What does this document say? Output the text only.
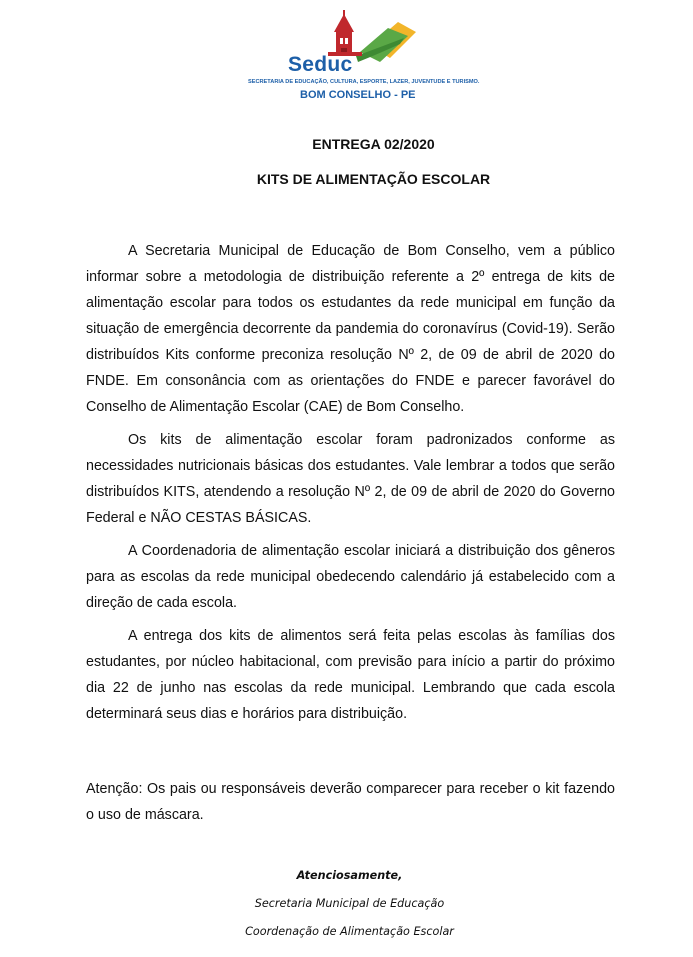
Seduc
SECRETARIA DE EDUCAÇÃO, CULTURA, ESPORTE, LAZER, JUVENTUDE E TURISMO.
BOM CONSELHO - PE
ENTREGA 02/2020
KITS DE ALIMENTAÇÃO ESCOLAR

A Secretaria Municipal de Educação de Bom Conselho, vem a público informar sobre a metodologia de distribuição referente a 2º entrega de kits de alimentação escolar para todos os estudantes da rede municipal em função da situação de emergência decorrente da pandemia do coronavírus (Covid-19). Serão distribuídos Kits conforme preconiza resolução Nº 2, de 09 de abril de 2020 do FNDE. Em consonância com as orientações do FNDE e parecer favorável do Conselho de Alimentação Escolar (CAE) de Bom Conselho.

Os kits de alimentação escolar foram padronizados conforme as necessidades nutricionais básicas dos estudantes. Vale lembrar a todos que serão distribuídos KITS, atendendo a resolução Nº 2, de 09 de abril de 2020 do Governo Federal e NÃO CESTAS BÁSICAS.

A Coordenadoria de alimentação escolar iniciará a distribuição dos gêneros para as escolas da rede municipal obedecendo calendário já estabelecido com a direção de cada escola.

A entrega dos kits de alimentos será feita pelas escolas às famílias dos estudantes, por núcleo habitacional, com previsão para início a partir do próximo dia 22 de junho nas escolas da rede municipal. Lembrando que cada escola determinará seus dias e horários para distribuição.

Atenção: Os pais ou responsáveis deverão comparecer para receber o kit fazendo o uso de máscara.
Atenciosamente,
Secretaria Municipal de Educação
Coordenação de Alimentação Escolar
